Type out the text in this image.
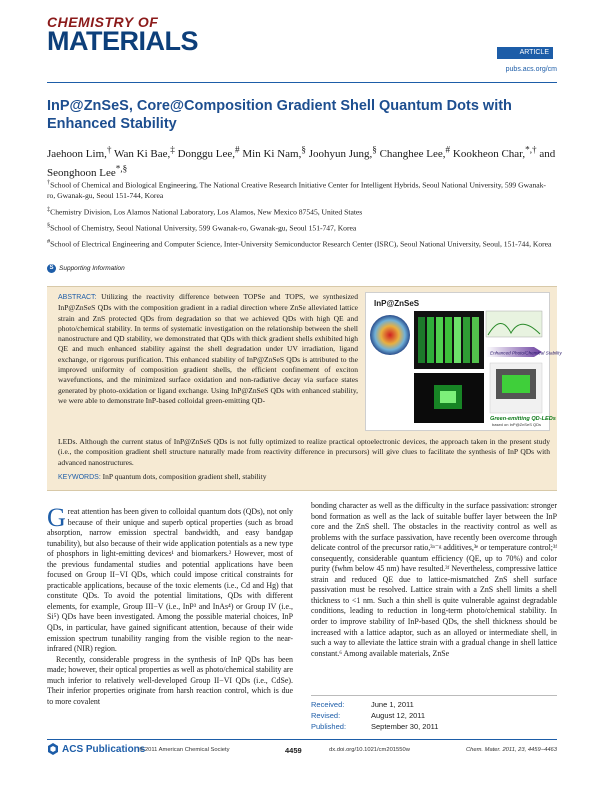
CHEMISTRY OF
MATERIALS	ARTICLE
pubs.acs.org/cm
InP@ZnSeS, Core@Composition Gradient Shell Quantum Dots with Enhanced Stability
Jaehoon Lim,† Wan Ki Bae,‡ Donggu Lee,# Min Ki Nam,§ Joohyun Jung,§ Changhee Lee,# Kookheon Char,*,† and Seonghoon Lee*,§
†School of Chemical and Biological Engineering, The National Creative Research Initiative Center for Intelligent Hybrids, Seoul National University, 599 Gwanak-ro, Gwanak-gu, Seoul 151-744, Korea
‡Chemistry Division, Los Alamos National Laboratory, Los Alamos, New Mexico 87545, United States
§School of Chemistry, Seoul National University, 599 Gwanak-ro, Gwanak-gu, Seoul 151-747, Korea
#School of Electrical Engineering and Computer Science, Inter-University Semiconductor Research Center (ISRC), Seoul National University, Seoul, 151-744, Korea
S Supporting Information
ABSTRACT: Utilizing the reactivity difference between TOPSe and TOPS, we synthesized InP@ZnSeS QDs with the composition gradient in a radial direction where ZnSe alleviated lattice strain and ZnS protected QDs from degradation so that we achieved QDs with high QE and photo/chemical stability. In terms of systematic investigation on the relationship between the shell nanostructure and QD stability, we demonstrated that QDs with thick gradient shells exhibited high QE and much enhanced stability against the shell degradation under UV irradiation, ligand exchange, or rigorous purification. This enhanced stability of InP@ZnSeS QDs is attributed to the improved uniformity of composition gradient shells, the efficient confinement of exciton wavefunctions, and the minimized surface oxidation and non-radiative decay via surface states generated by photo-oxidation or ligand exchange. Using InP@ZnSeS QDs with enhanced stability, we were able to demonstrate InP-based colloidal green-emitting QD-
LEDs. Although the current status of InP@ZnSeS QDs is not fully optimized to realize practical optoelectronic devices, the approach taken in the present study (i.e., the composition gradient shell structure naturally made from reactivity difference in precursors) will give clues to facilitate the synthesis of InP QDs with advanced nanostructures.
KEYWORDS: InP quantum dots, composition gradient shell, stability
InP@ZnSeS
Enhanced Photo/Chemical Stability
Green-emitting QD-LEDs
based on InP@ZnSeS QDs

Great attention has been given to colloidal quantum dots (QDs), not only because of their unique and superb optical properties (such as broad absorption, narrow emission spectral bandwidth, and easy bandgap tunability), but also because of their wide application potentials as a new type of phosphors in light-emitting devices¹ and biomarkers.² However, most of the previous fundamental studies and potential applications have been focused on Group II−VI QDs, which could impose critical constraints for practicable applications, because of the toxic elements (i.e., Cd and Hg) that constitute QDs. To avoid the potential limitations, QDs with different elements, for example, Group III−V (i.e., InP³ and InAs⁴) or Group IV (i.e., Si⁵) QDs have been investigated. Among the possible material choices, InP QDs, in particular, have gained significant attention, because of their wide emission spectrum tunability ranging from the visible region to the near-infrared (NIR) region.

Recently, considerable progress in the synthesis of InP QDs has been made; however, their optical properties as well as photo/chemical stability are much inferior to relatively well-developed Group II−VI QDs (i.e., CdSe). Their inferior properties originate from harsh reaction control, which is due to more covalent

bonding character as well as the difficulty in the surface passivation: stronger bond formation as well as the lack of suitable buffer layer between the InP core and the ZnS shell. The obstacles in the reactivity control as well as problems with the surface passivation, have recently been overcome through delicate control of the precursor ratio,³ᵃ⁻ᵍ additives,³ᵉ or temperature control;³ᶠ consequently, considerable quantum efficiency (QE, up to 70%) and color purity (fwhm below 45 nm) have resulted.³ᶠ Nevertheless, compressive lattice strain and reduced QE due to lattice-mismatched ZnS shell surface passivation must be resolved. Lattice strain with a ZnS shell limits a shell thickness to <1 nm. Such a thin shell is quite vulnerable against degradable conditions, leading to reduction in long-term photo/chemical stability. In order to improve stability of InP-based QDs, the shell thickness should be increased with a lattice adaptor, such as an alloyed or intermediate shell, in such a way to alleviate the lattice strain with a gradual change in shell lattice constant.⁶ Among available materials, ZnSe

Received:	June 1, 2011
Revised:	August 12, 2011
Published:	September 30, 2011
ACS Publications
© 2011 American Chemical Society	4459	dx.doi.org/10.1021/cm201550w	Chem. Mater. 2011, 23, 4459−4463
